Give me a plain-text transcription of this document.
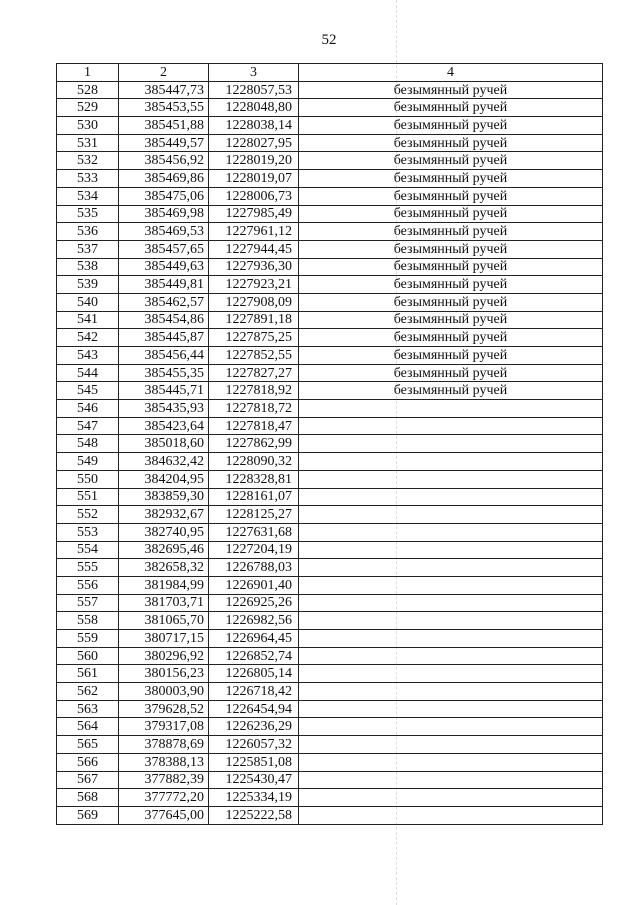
52
1	2	3	4
528	385447,73	1228057,53	безымянный ручей
529	385453,55	1228048,80	безымянный ручей
530	385451,88	1228038,14	безымянный ручей
531	385449,57	1228027,95	безымянный ручей
532	385456,92	1228019,20	безымянный ручей
533	385469,86	1228019,07	безымянный ручей
534	385475,06	1228006,73	безымянный ручей
535	385469,98	1227985,49	безымянный ручей
536	385469,53	1227961,12	безымянный ручей
537	385457,65	1227944,45	безымянный ручей
538	385449,63	1227936,30	безымянный ручей
539	385449,81	1227923,21	безымянный ручей
540	385462,57	1227908,09	безымянный ручей
541	385454,86	1227891,18	безымянный ручей
542	385445,87	1227875,25	безымянный ручей
543	385456,44	1227852,55	безымянный ручей
544	385455,35	1227827,27	безымянный ручей
545	385445,71	1227818,92	безымянный ручей
546	385435,93	1227818,72	
547	385423,64	1227818,47	
548	385018,60	1227862,99	
549	384632,42	1228090,32	
550	384204,95	1228328,81	
551	383859,30	1228161,07	
552	382932,67	1228125,27	
553	382740,95	1227631,68	
554	382695,46	1227204,19	
555	382658,32	1226788,03	
556	381984,99	1226901,40	
557	381703,71	1226925,26	
558	381065,70	1226982,56	
559	380717,15	1226964,45	
560	380296,92	1226852,74	
561	380156,23	1226805,14	
562	380003,90	1226718,42	
563	379628,52	1226454,94	
564	379317,08	1226236,29	
565	378878,69	1226057,32	
566	378388,13	1225851,08	
567	377882,39	1225430,47	
568	377772,20	1225334,19	
569	377645,00	1225222,58	
